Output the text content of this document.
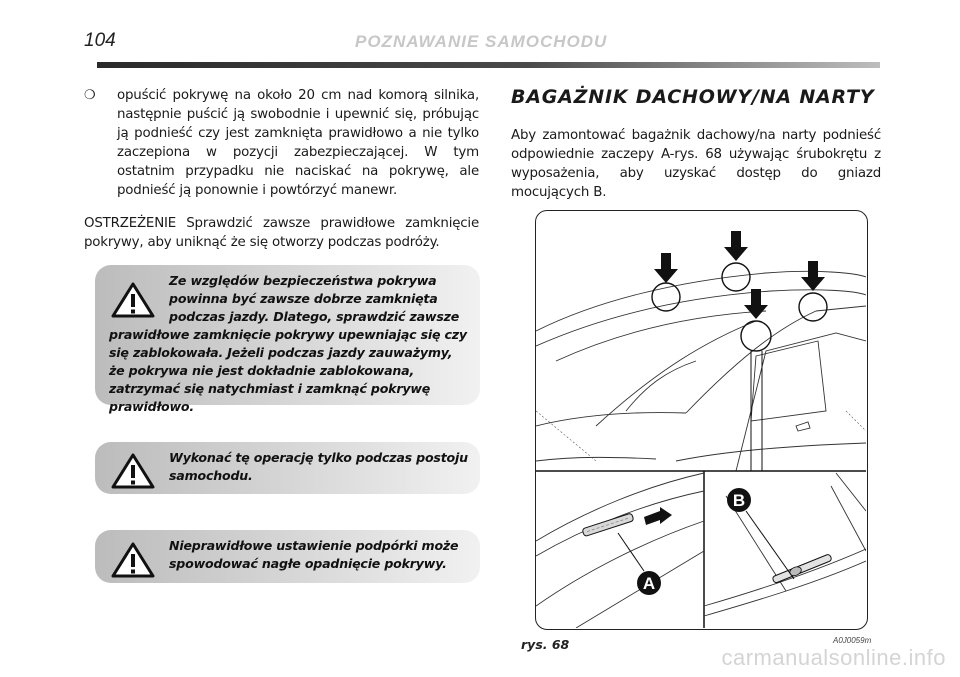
104	POZNAWANIE SAMOCHODU
❍ opuścić pokrywę na około 20 cm nad komorą silnika, następnie puścić ją swobodnie i upewnić się, próbując ją podnieść czy jest zamknięta prawidłowo a nie tylko zaczepiona w pozycji zabezpieczającej. W tym ostatnim przypadku nie naciskać na pokrywę, ale podnieść ją ponownie i powtórzyć manewr.
OSTRZEŻENIE Sprawdzić zawsze prawidłowe zamknięcie pokrywy, aby uniknąć że się otworzy podczas podróży.
Ze względów bezpieczeństwa pokrywa powinna być zawsze dobrze zamknięta podczas jazdy. Dlatego, sprawdzić zawsze prawidłowe zamknięcie pokrywy upewniając się czy się zablokowała. Jeżeli podczas jazdy zauważymy, że pokrywa nie jest dokładnie zablokowana, zatrzymać się natychmiast i zamknąć pokrywę prawidłowo.
Wykonać tę operację tylko podczas postoju samochodu.
Nieprawidłowe ustawienie podpórki może spowodować nagłe opadnięcie pokrywy.
BAGAŻNIK DACHOWY/NA NARTY
Aby zamontować bagażnik dachowy/na narty podnieść odpowiednie zaczepy A-rys. 68 używając śrubokrętu z wyposażenia, aby uzyskać dostęp do gniazd mocujących B.
A
B
rys. 68	A0J0059m
carmanualsonline.info
